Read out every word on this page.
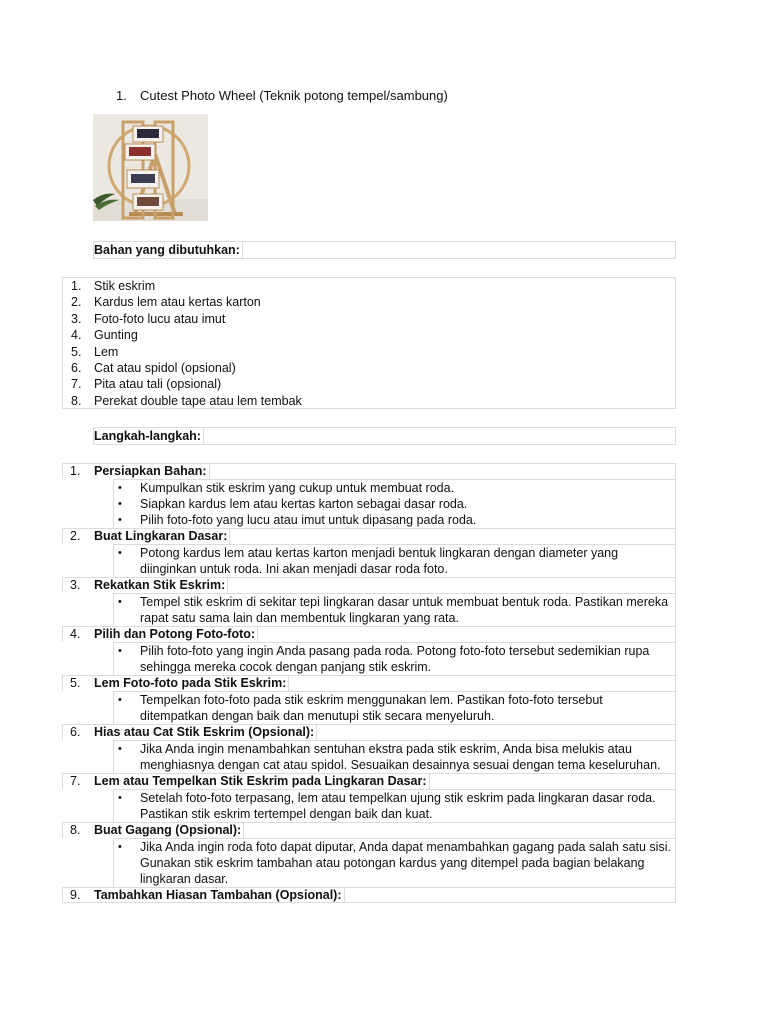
1. Cutest Photo Wheel (Teknik potong tempel/sambung)
Bahan yang dibutuhkan:
1.	Stik eskrim
2.	Kardus lem atau kertas karton
3.	Foto-foto lucu atau imut
4.	Gunting
5.	Lem
6.	Cat atau spidol (opsional)
7.	Pita atau tali (opsional)
8.	Perekat double tape atau lem tembak
Langkah-langkah:
1. Persiapkan Bahan:
• Kumpulkan stik eskrim yang cukup untuk membuat roda.
• Siapkan kardus lem atau kertas karton sebagai dasar roda.
• Pilih foto-foto yang lucu atau imut untuk dipasang pada roda.
2. Buat Lingkaran Dasar:
• Potong kardus lem atau kertas karton menjadi bentuk lingkaran dengan diameter yang diinginkan untuk roda. Ini akan menjadi dasar roda foto.
3. Rekatkan Stik Eskrim:
• Tempel stik eskrim di sekitar tepi lingkaran dasar untuk membuat bentuk roda. Pastikan mereka rapat satu sama lain dan membentuk lingkaran yang rata.
4. Pilih dan Potong Foto-foto:
• Pilih foto-foto yang ingin Anda pasang pada roda. Potong foto-foto tersebut sedemikian rupa sehingga mereka cocok dengan panjang stik eskrim.
5. Lem Foto-foto pada Stik Eskrim:
• Tempelkan foto-foto pada stik eskrim menggunakan lem. Pastikan foto-foto tersebut ditempatkan dengan baik dan menutupi stik secara menyeluruh.
6. Hias atau Cat Stik Eskrim (Opsional):
• Jika Anda ingin menambahkan sentuhan ekstra pada stik eskrim, Anda bisa melukis atau menghiasnya dengan cat atau spidol. Sesuaikan desainnya sesuai dengan tema keseluruhan.
7. Lem atau Tempelkan Stik Eskrim pada Lingkaran Dasar:
• Setelah foto-foto terpasang, lem atau tempelkan ujung stik eskrim pada lingkaran dasar roda. Pastikan stik eskrim tertempel dengan baik dan kuat.
8. Buat Gagang (Opsional):
• Jika Anda ingin roda foto dapat diputar, Anda dapat menambahkan gagang pada salah satu sisi. Gunakan stik eskrim tambahan atau potongan kardus yang ditempel pada bagian belakang lingkaran dasar.
9. Tambahkan Hiasan Tambahan (Opsional):
